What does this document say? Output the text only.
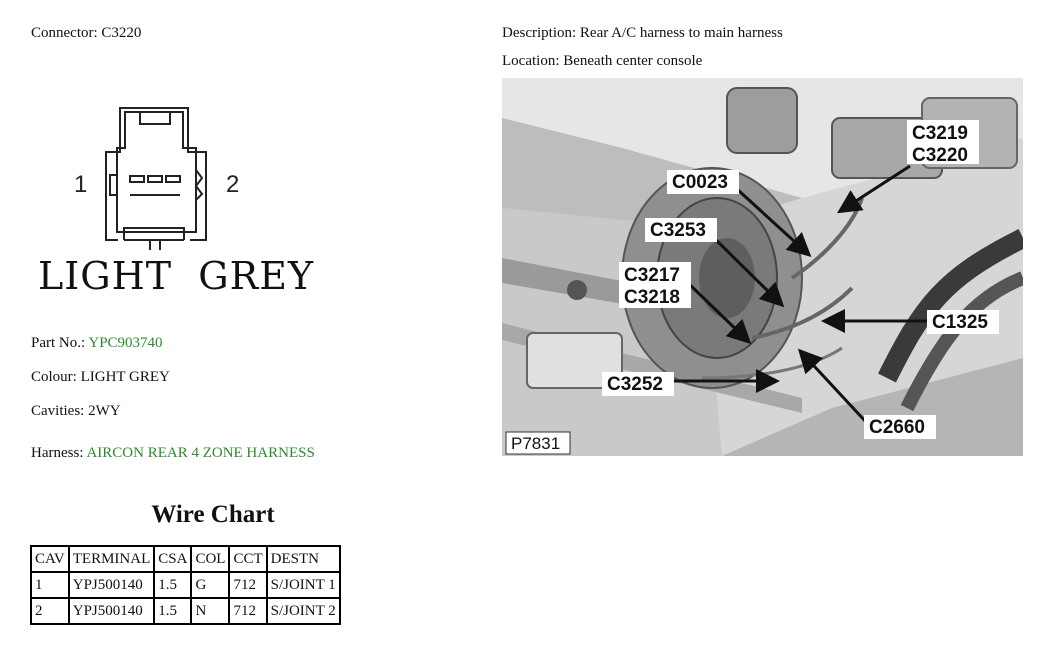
Connector: C3220	Description: Rear A/C harness to main harness
Location: Beneath center console
1	2
LIGHT  GREY
Part No.: YPC903740
Colour: LIGHT GREY
Cavities: 2WY
Harness: AIRCON REAR 4 ZONE HARNESS
Wire Chart
CAV	TERMINAL	CSA	COL	CCT	DESTN
1	YPJ500140	1.5	G	712	S/JOINT 1
2	YPJ500140	1.5	N	712	S/JOINT 2
C3219
C3220
C0023
C3253
C3217
C3218
C1325
C3252
C2660
P7831
